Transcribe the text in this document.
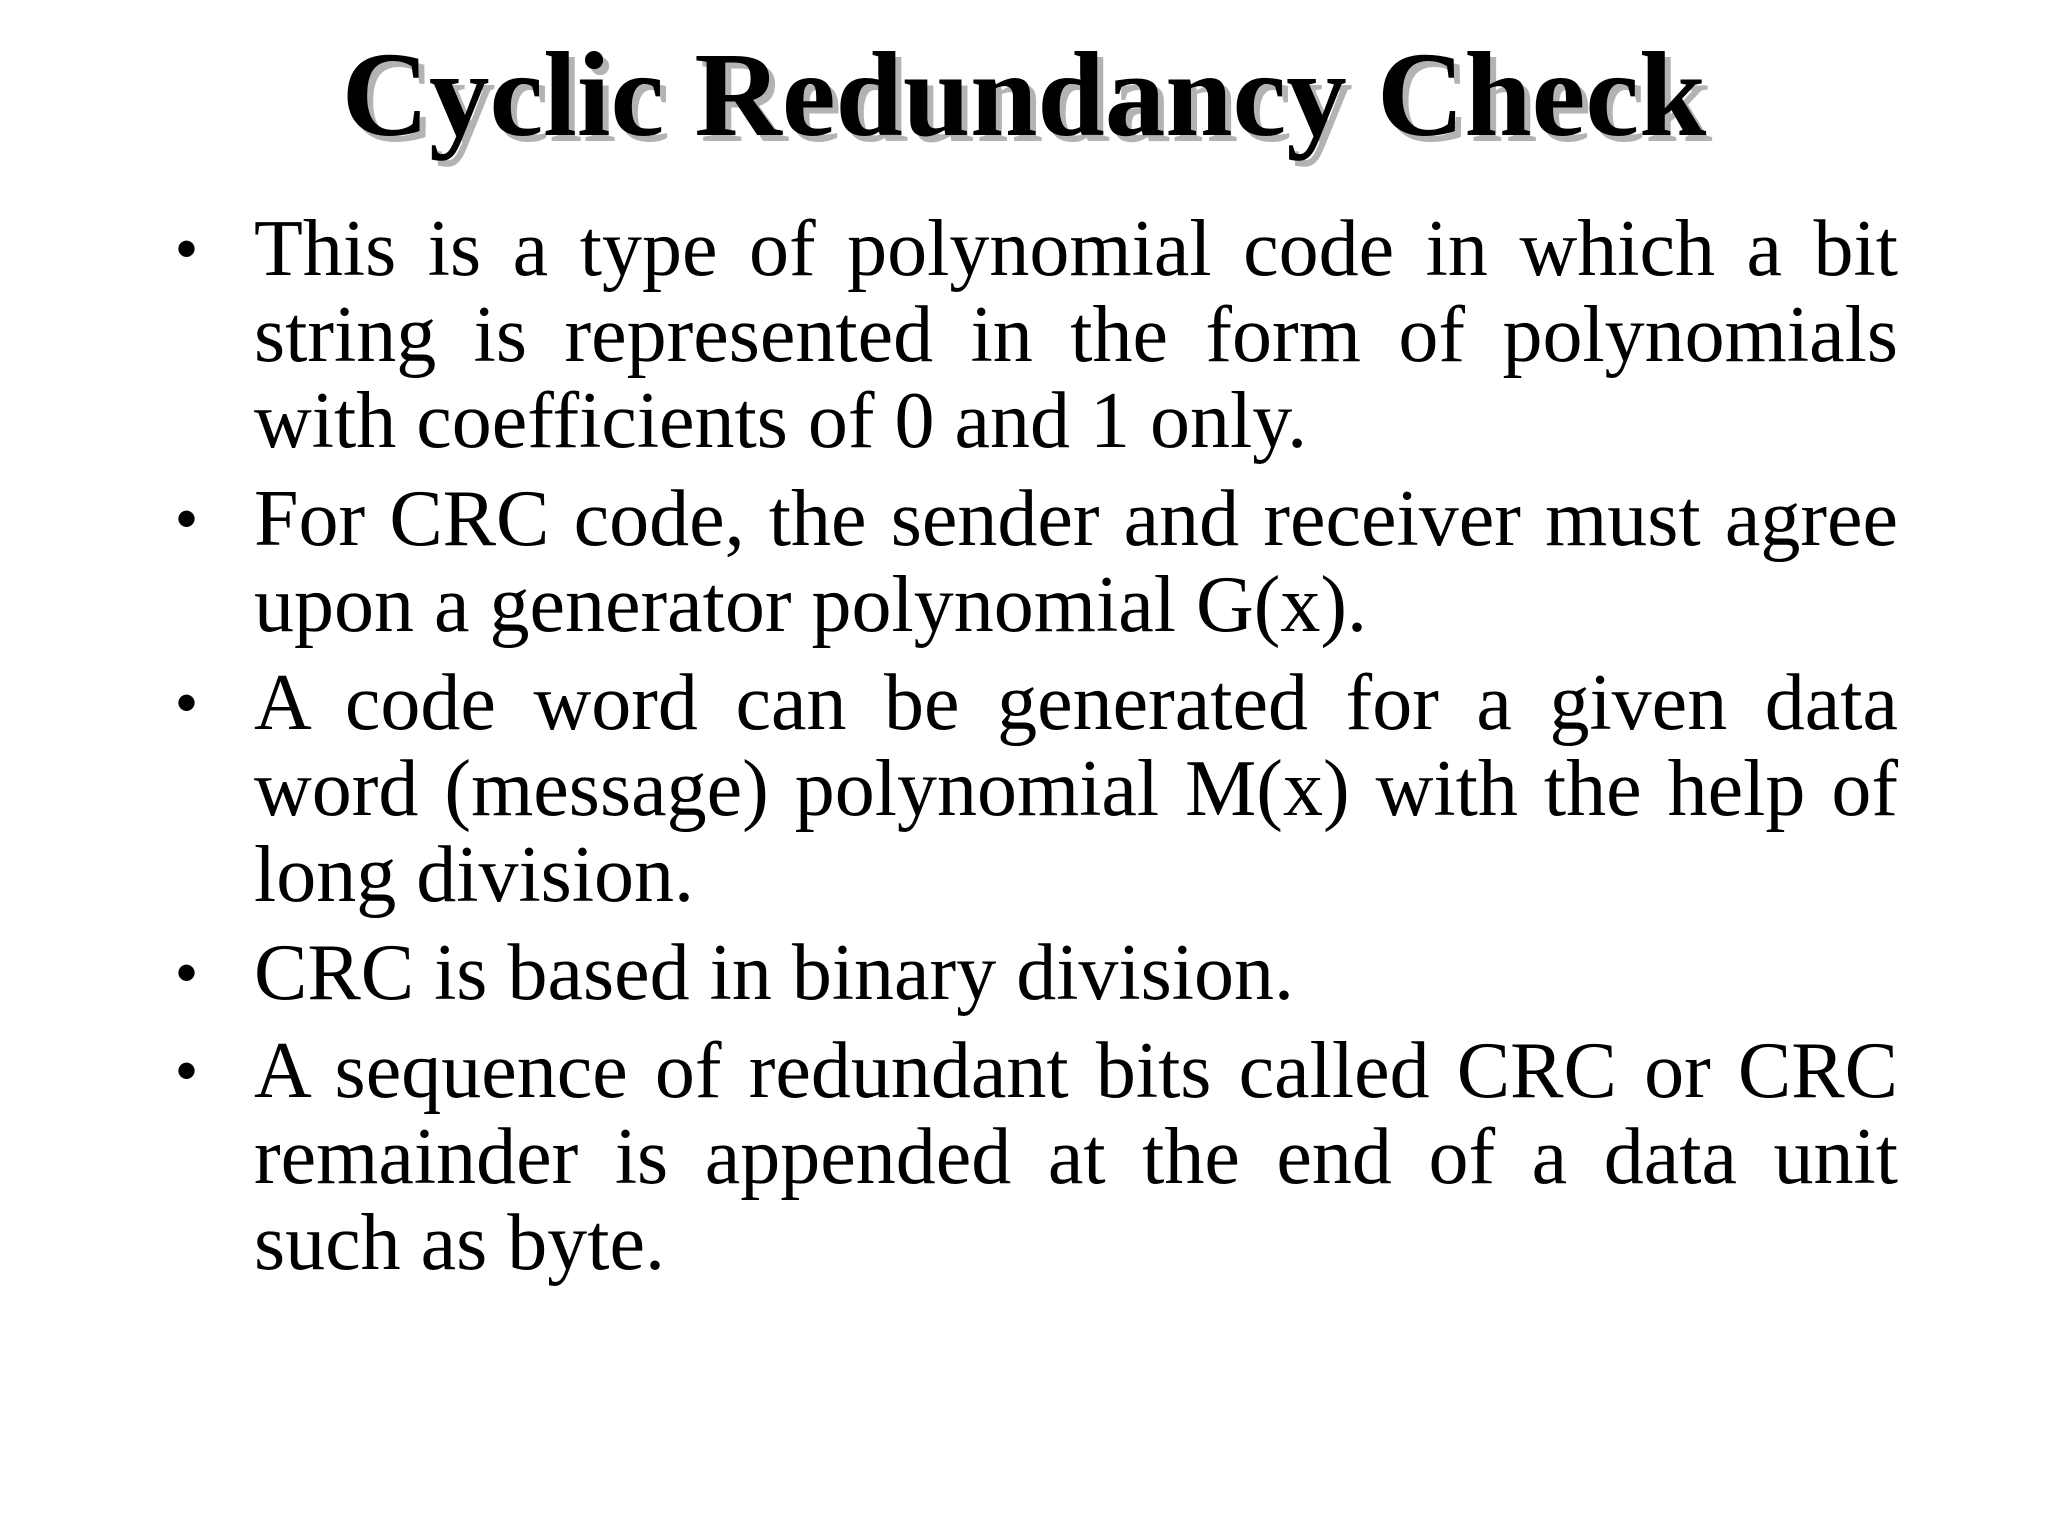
Cyclic Redundancy Check
• This is a type of polynomial code in which a bit string is represented in the form of polynomials with coefficients of 0 and 1 only.
• For CRC code, the sender and receiver must agree upon a generator polynomial G(x).
• A code word can be generated for a given data word (message) polynomial M(x) with the help of long division.
• CRC is based in binary division.
• A sequence of redundant bits called CRC or CRC remainder is appended at the end of a data unit such as byte.
